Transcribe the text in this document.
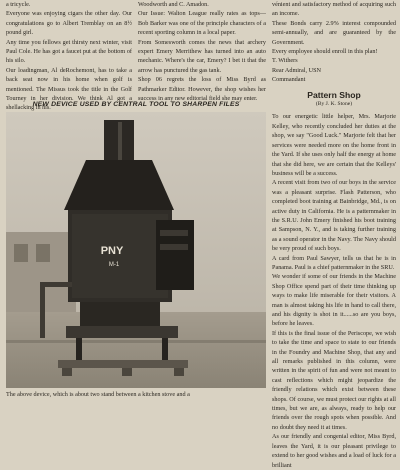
a tricycle.

Everyone was enjoying cigars the other day. Our congratulations go to Albert Tremblay on an 8½ pound girl.

Any time you fellows get thirsty next winter, visit Paul Cole. He has got a faucet put at the bottom of his silo.

Our loadingman, Al deRochemont, has to take a back seat now in his home when golf is mentioned. The Missus took the title in the Golf Tourney in her division. We think Al got a shellacking in his.

Woodworth and C. Amadon.

Our Issue: Walton League really rates as tops—Bob Barker was one of the principle characters of a recent sporting column in a local paper.

From Somesworth comes the news that archery expert Emery Merrithew has turned into an auto mechanic. Where's the car, Emery? I bet it that the arrow has punctured the gas tank.

Shop 06 regrets the loss of Miss Byrd as Pathmarker Editor. However, the shop wishes her success in any new editorial field she may enter.

NEW DEVICE USED BY CENTRAL TOOL TO SHARPEN FILES
PNY
M-1
The above device, which is about two stand between a kitchen stove and a

vénient and satisfactory method of acquiring such an income.

These Bonds carry 2.9% interest compounded semi-annually, and are guaranteed by the Government.

Every employee should enroll in this plan!

T. Withers

Rear Admiral, USN

Commandant

Pattern Shop
(By J. K. Stone)

To our energetic little helper, Mrs. Marjorie Kelley, who recently concluded her duties at the shop, we say "Good Luck." Marjorie felt that her services were needed more on the home front in the Yard. If she uses only half the energy at home that she did here, we are certain that the Kelleys' business will be a success.

A recent visit from two of our boys in the service was a pleasant surprise. Flash Patterson, who completed boot training at Bainbridge, Md., is on active duty in California. He is a patternmaker in the S.R.U. John Emery finished his boot training at Sampson, N. Y., and is taking further training as a sound operator in the Navy. The Navy should be very proud of such boys.

A card from Paul Sawyer, tells us that he is in Panama. Paul is a chief patternmaker in the SRU.

We wonder if some of our friends in the Machine Shop Office spend part of their time thinking up ways to make life miserable for their visitors. A man is almost taking his life in hand to call there, and his dignity is shot in it......so are you boys, before he leaves.

If this is the final issue of the Periscope, we wish to take the time and space to state to our friends in the Foundry and Machine Shop, that any and all remarks published in this column, were written in the spirit of fun and were not meant to cast reflections which might jeopardize the friendly relations which exist between these shops. Of course, we must protect our rights at all times, but we are, as always, ready to help our friends over the rough spots when possible. And no doubt they need it at times.

As our friendly and congenial editor, Miss Byrd, leaves the Yard, it is our pleasant privilege to extend to her good wishes and a load of luck for a brilliant
